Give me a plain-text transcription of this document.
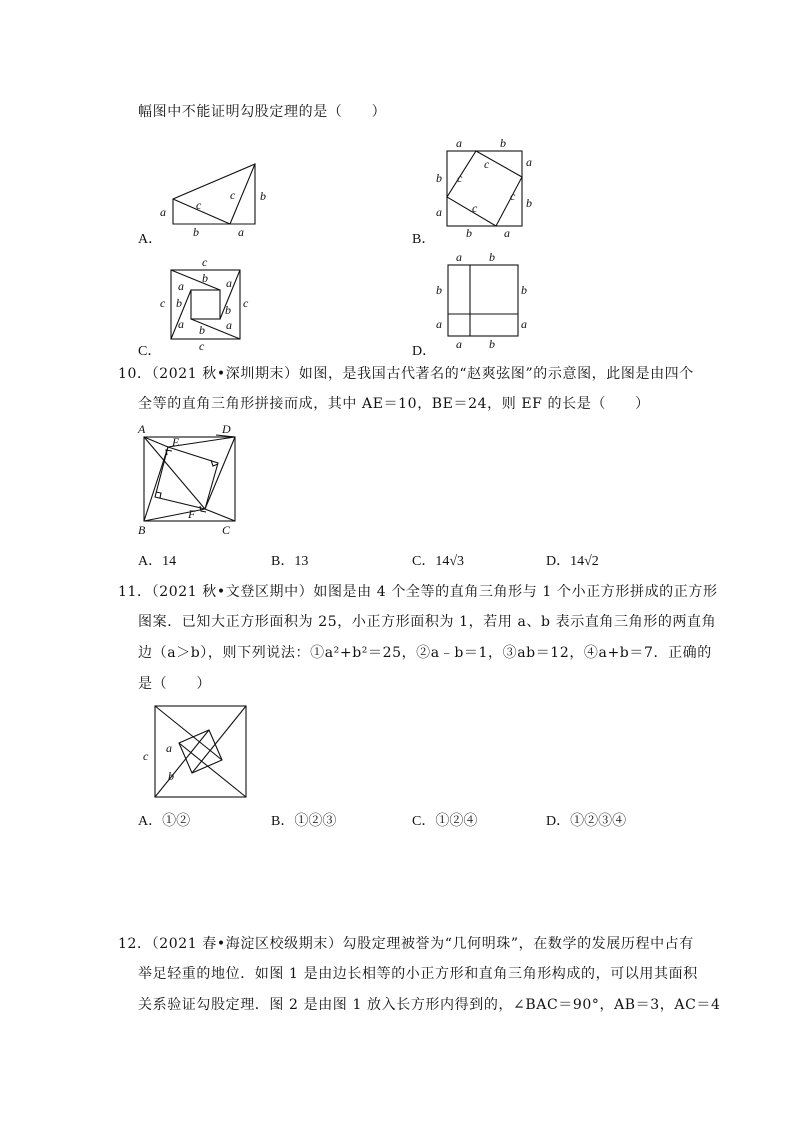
幅图中不能证明勾股定理的是（　　）
A．
a	c
c b
b	a	B．
a	b
a
b
b
a
b	a
c
c
c
c
C．
c
c	c
c
b
a	a
b	b
a b a
D．
a b
b
a
b
a
a b
10．（2021 秋•深圳期末）如图，是我国古代著名的“赵爽弦图”的示意图，此图是由四个
全等的直角三角形拼接而成，其中 AE＝10，BE＝24，则 EF 的长是（　　）
A	D
E
F
B	C
A．14	B．13	C．14√3	D．14√2
11．（2021 秋•文登区期中）如图是由 4 个全等的直角三角形与 1 个小正方形拼成的正方形
图案．已知大正方形面积为 25，小正方形面积为 1，若用 a、b 表示直角三角形的两直角
边（a＞b），则下列说法：①a²+b²＝25，②a﹣b＝1，③ab＝12，④a+b＝7．正确的
是（　　）
c
a
b
A．①②	B．①②③	C．①②④	D．①②③④
12．（2021 春•海淀区校级期末）勾股定理被誉为“几何明珠”，在数学的发展历程中占有
举足轻重的地位．如图 1 是由边长相等的小正方形和直角三角形构成的，可以用其面积
关系验证勾股定理．图 2 是由图 1 放入长方形内得到的，∠BAC＝90°，AB＝3，AC＝4
